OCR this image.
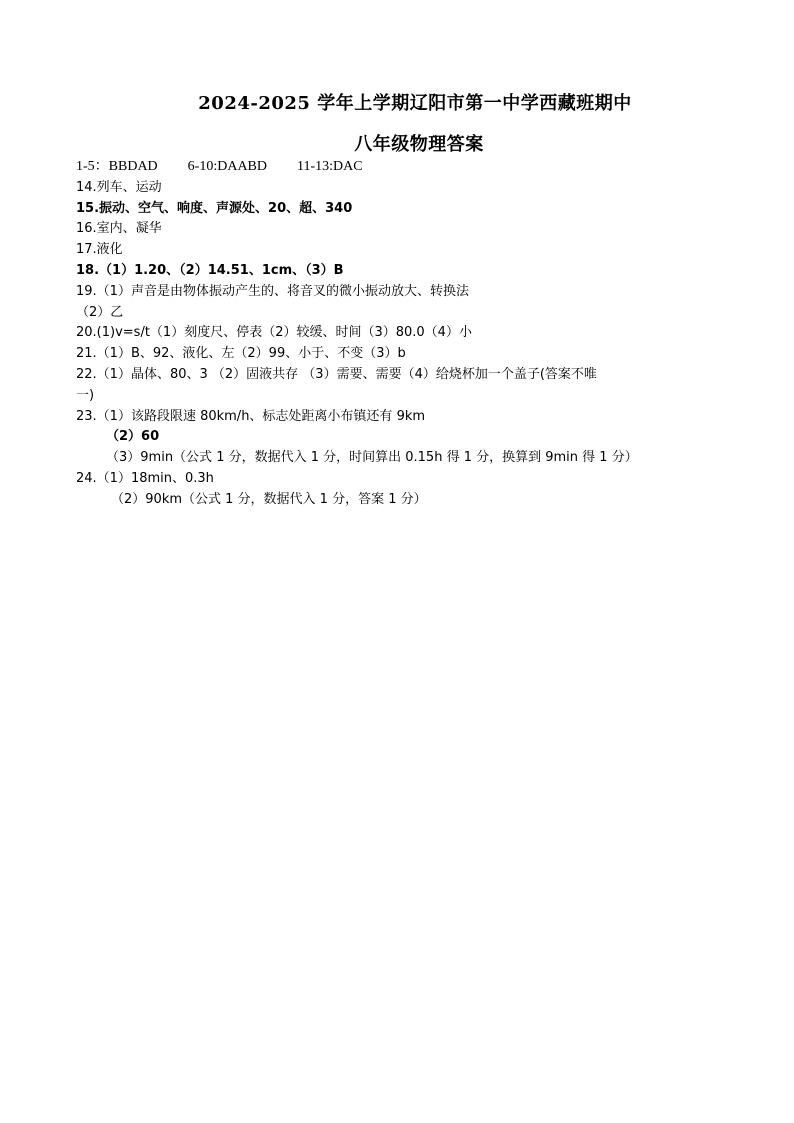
2024-2025 学年上学期辽阳市第一中学西藏班期中
八年级物理答案
1-5：BBDAD 6-10:DAABD 11-13:DAC
14.列车、运动
15.振动、空气、响度、声源处、20、超、340
16.室内、凝华
17.液化
18.（1）1.20、（2）14.51、1cm、（3）B
19.（1）声音是由物体振动产生的、将音叉的微小振动放大、转换法
（2）乙
20.(1)v=s/t（1）刻度尺、停表（2）较缓、时间（3）80.0（4）小
21.（1）B、92、液化、左（2）99、小于、不变（3）b
22.（1）晶体、80、3 （2）固液共存 （3）需要、需要（4）给烧杯加一个盖子(答案不唯
一)
23.（1）该路段限速 80km/h、标志处距离小布镇还有 9km
（2）60
（3）9min（公式 1 分，数据代入 1 分，时间算出 0.15h 得 1 分，换算到 9min 得 1 分）
24.（1）18min、0.3h
（2）90km（公式 1 分，数据代入 1 分，答案 1 分）
